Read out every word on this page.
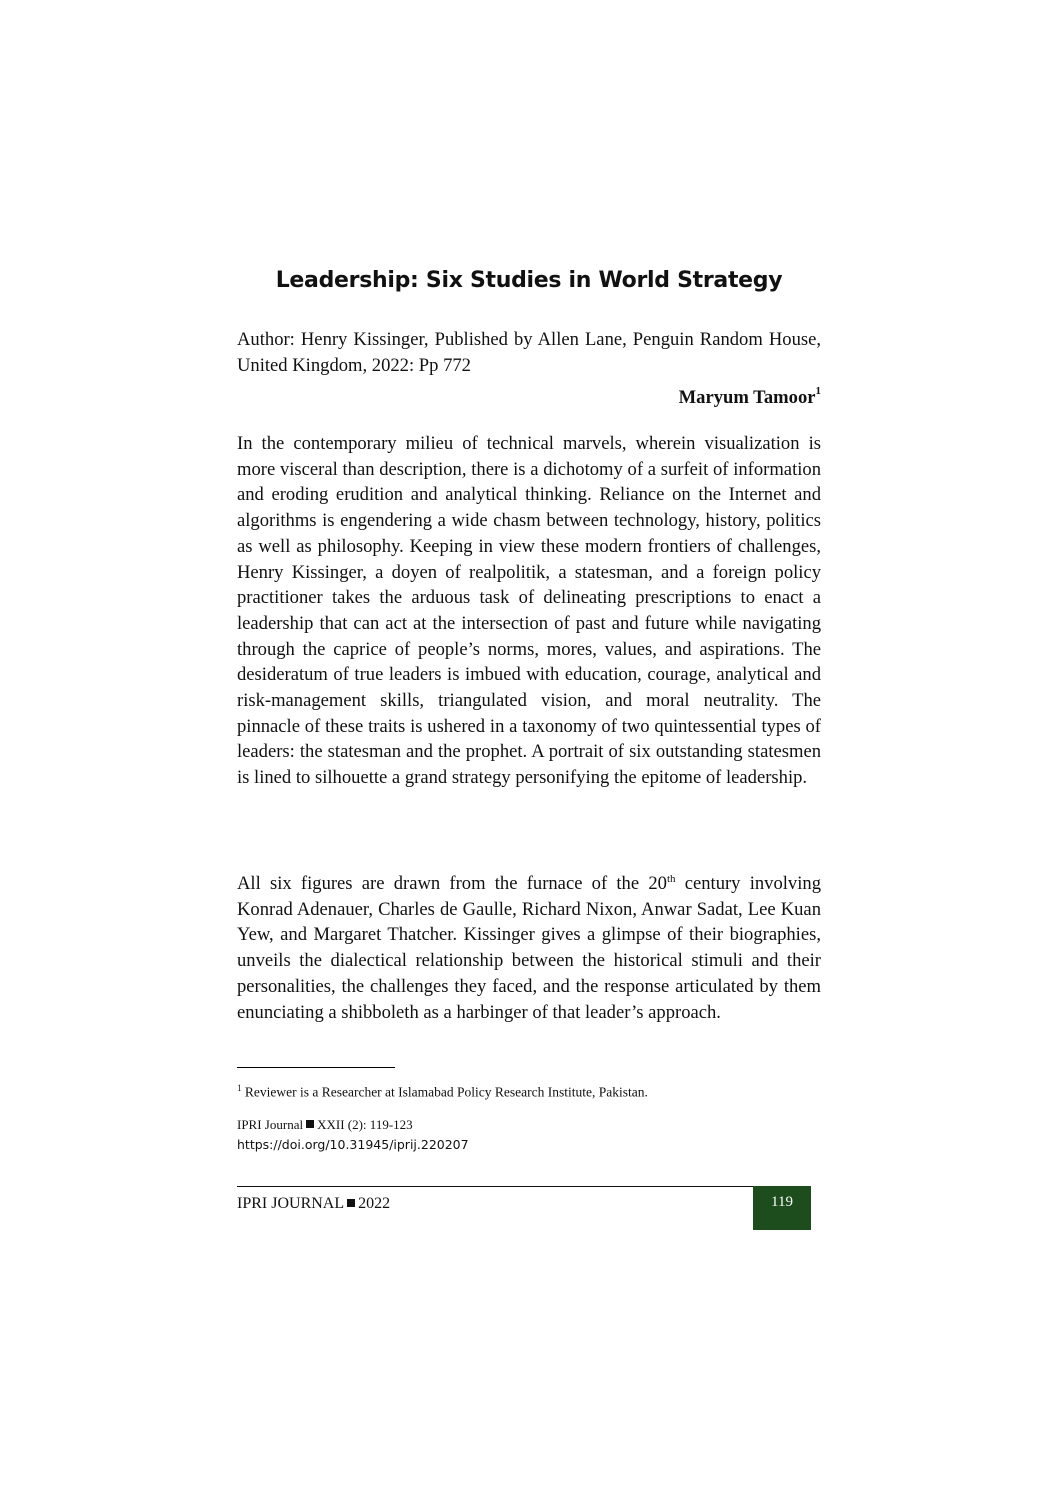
Leadership: Six Studies in World Strategy

Author: Henry Kissinger, Published by Allen Lane, Penguin Random House, United Kingdom, 2022: Pp 772

Maryum Tamoor$^1$

In the contemporary milieu of technical marvels, wherein visualization is more visceral than description, there is a dichotomy of a surfeit of information and eroding erudition and analytical thinking. Reliance on the Internet and algorithms is engendering a wide chasm between technology, history, politics as well as philosophy. Keeping in view these modern frontiers of challenges, Henry Kissinger, a doyen of realpolitik, a statesman, and a foreign policy practitioner takes the arduous task of delineating prescriptions to enact a leadership that can act at the intersection of past and future while navigating through the caprice of people’s norms, mores, values, and aspirations. The desideratum of true leaders is imbued with education, courage, analytical and risk-management skills, triangulated vision, and moral neutrality. The pinnacle of these traits is ushered in a taxonomy of two quintessential types of leaders: the statesman and the prophet. A portrait of six outstanding statesmen is lined to silhouette a grand strategy personifying the epitome of leadership.

All six figures are drawn from the furnace of the 20th century involving Konrad Adenauer, Charles de Gaulle, Richard Nixon, Anwar Sadat, Lee Kuan Yew, and Margaret Thatcher. Kissinger gives a glimpse of their biographies, unveils the dialectical relationship between the historical stimuli and their personalities, the challenges they faced, and the response articulated by them enunciating a shibboleth as a harbinger of that leader’s approach.

$^1$ Reviewer is a Researcher at Islamabad Policy Research Institute, Pakistan.
IPRI Journal XXII (2): 119-123
https://doi.org/10.31945/iprij.220207
IPRI JOURNAL 2022	119
